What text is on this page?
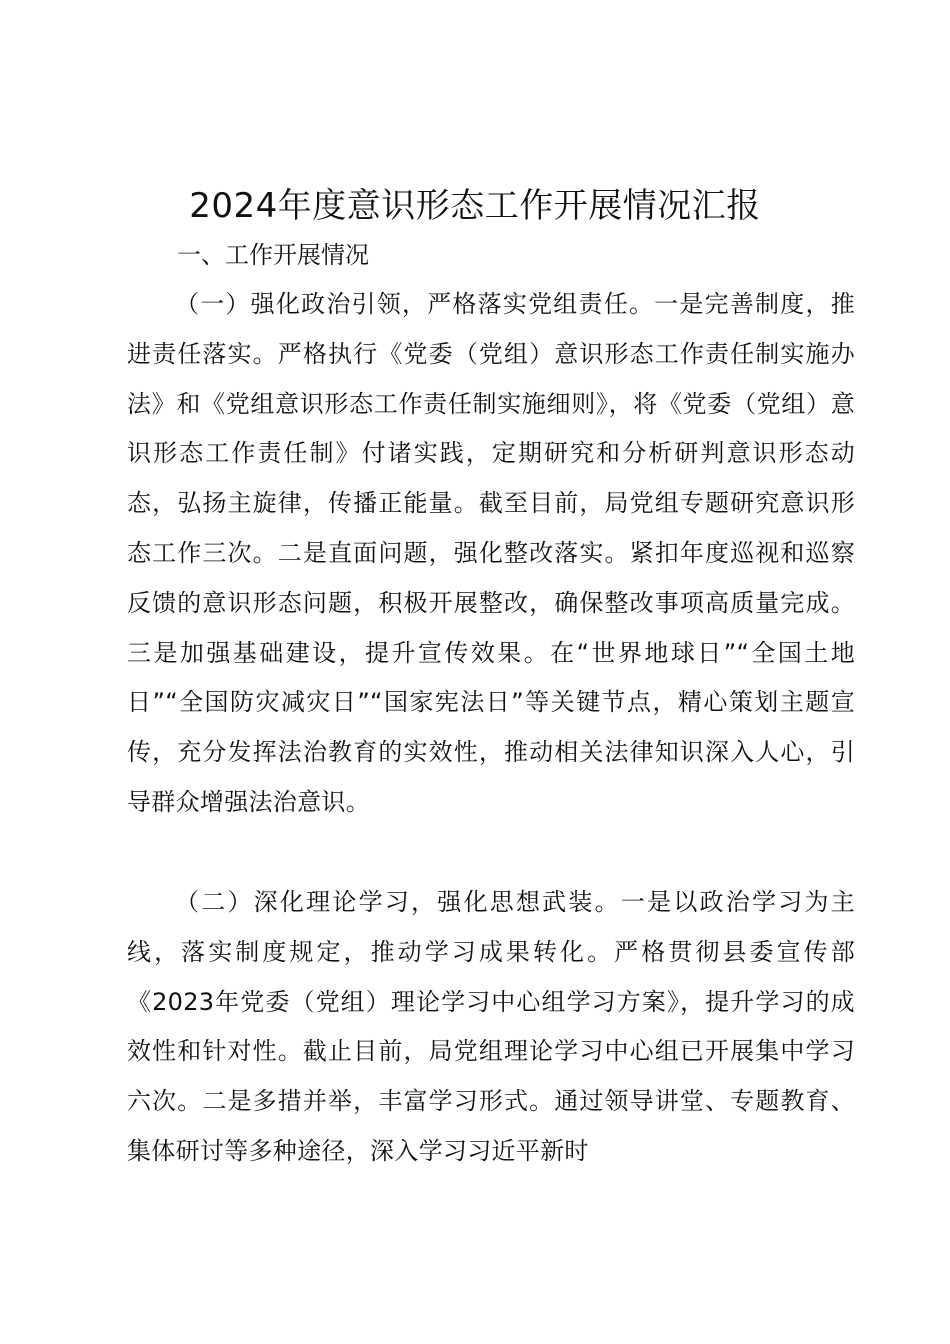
2024年度意识形态工作开展情况汇报
一、工作开展情况

（一）强化政治引领，严格落实党组责任。一是完善制度，推进责任落实。严格执行《党委（党组）意识形态工作责任制实施办法》和《党组意识形态工作责任制实施细则》，将《党委（党组）意识形态工作责任制》付诸实践，定期研究和分析研判意识形态动态，弘扬主旋律，传播正能量。截至目前，局党组专题研究意识形态工作三次。二是直面问题，强化整改落实。紧扣年度巡视和巡察反馈的意识形态问题，积极开展整改，确保整改事项高质量完成。三是加强基础建设，提升宣传效果。在“世界地球日”“全国土地日”“全国防灾减灾日”“国家宪法日”等关键节点，精心策划主题宣传，充分发挥法治教育的实效性，推动相关法律知识深入人心，引导群众增强法治意识。

（二）深化理论学习，强化思想武装。一是以政治学习为主线，落实制度规定，推动学习成果转化。严格贯彻县委宣传部《2023年党委（党组）理论学习中心组学习方案》，提升学习的成效性和针对性。截止目前，局党组理论学习中心组已开展集中学习六次。二是多措并举，丰富学习形式。通过领导讲堂、专题教育、集体研讨等多种途径，深入学习习近平新时
